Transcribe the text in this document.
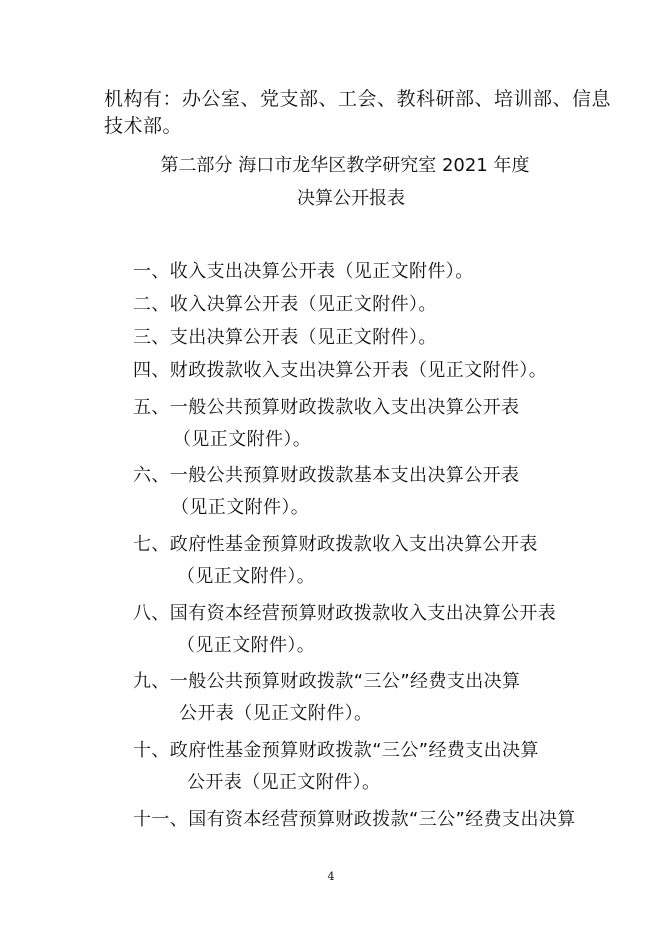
机构有：办公室、党支部、工会、教科研部、培训部、信息
技术部。
第二部分 海口市龙华区教学研究室 2021 年度
决算公开报表
一、收入支出决算公开表（见正文附件）。
二、收入决算公开表（见正文附件）。
三、支出决算公开表（见正文附件）。
四、财政拨款收入支出决算公开表（见正文附件）。
五、一般公共预算财政拨款收入支出决算公开表
（见正文附件）。
六、一般公共预算财政拨款基本支出决算公开表
（见正文附件）。
七、政府性基金预算财政拨款收入支出决算公开表
（见正文附件）。
八、国有资本经营预算财政拨款收入支出决算公开表
（见正文附件）。
九、一般公共预算财政拨款“三公”经费支出决算
公开表（见正文附件）。
十、政府性基金预算财政拨款“三公”经费支出决算
公开表（见正文附件）。
十一、国有资本经营预算财政拨款“三公”经费支出决算
4
